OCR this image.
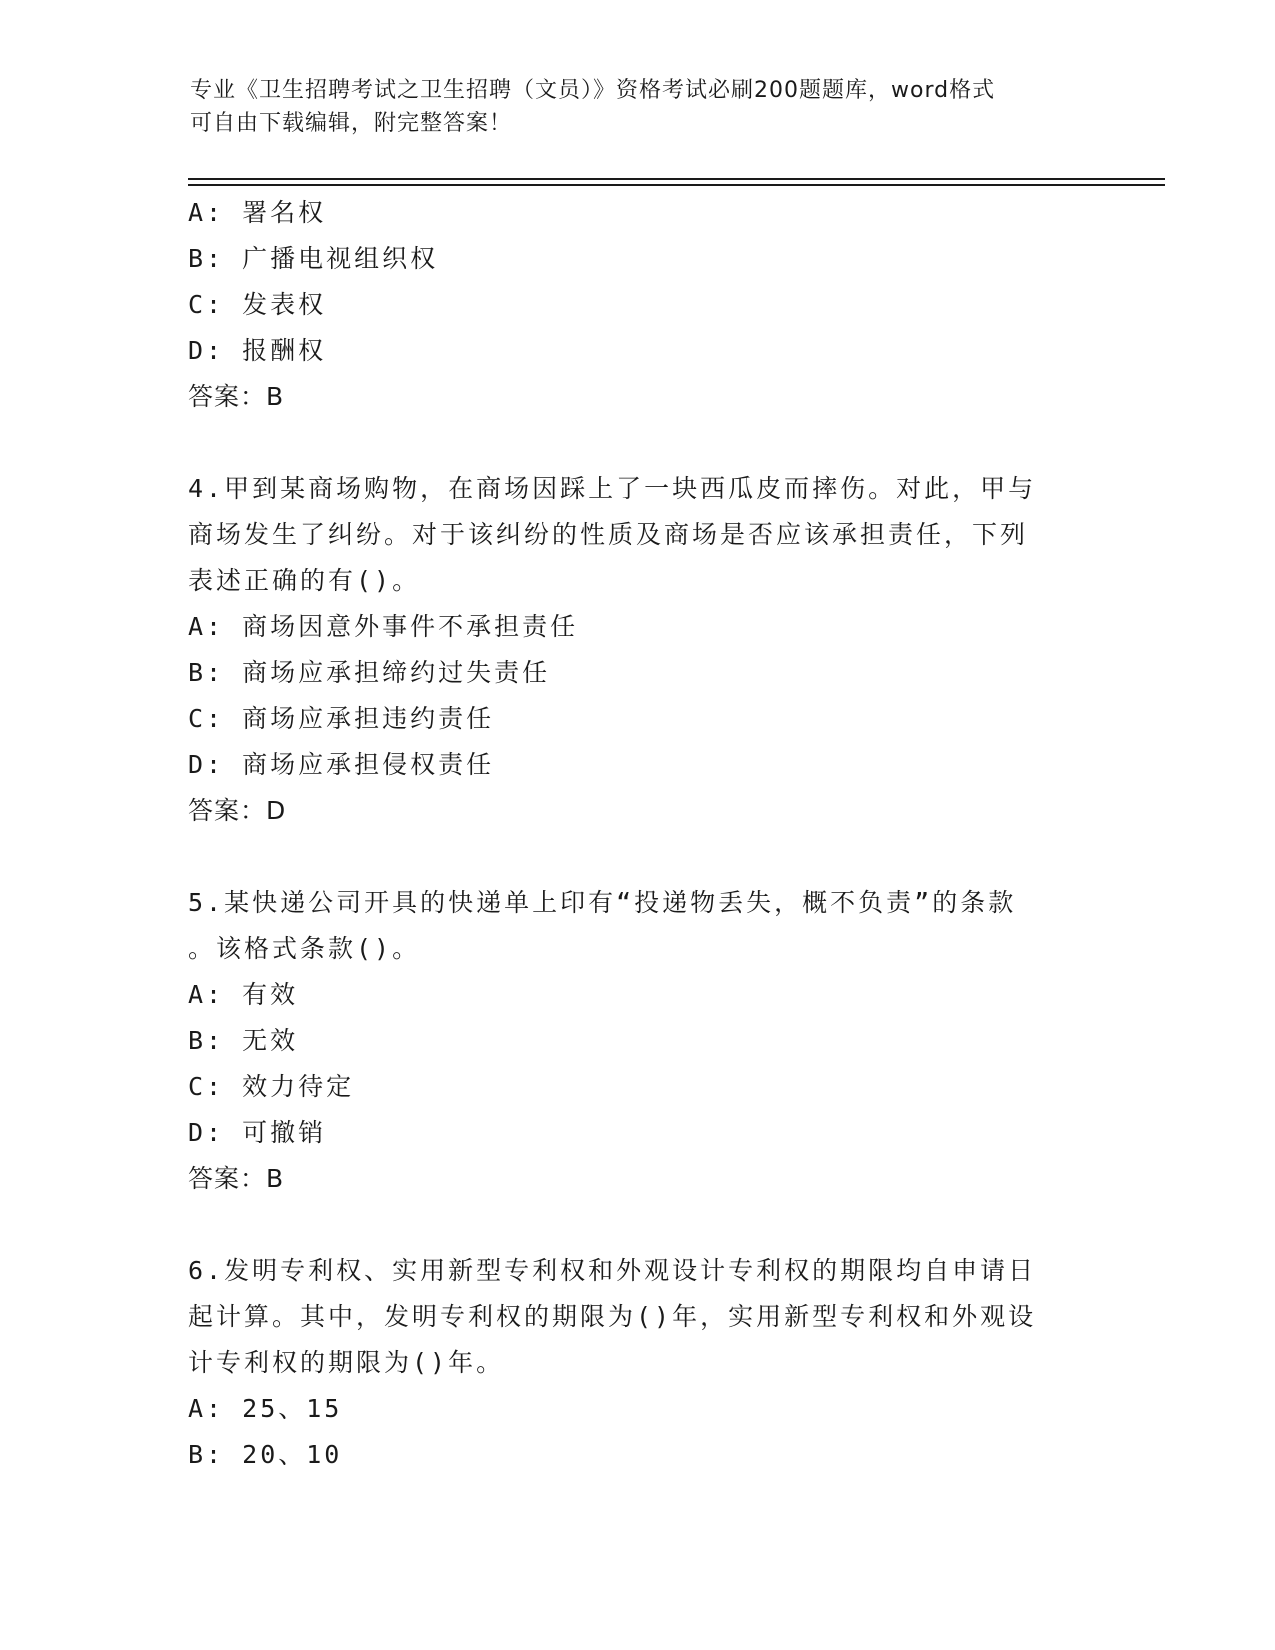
专业《卫生招聘考试之卫生招聘（文员）》资格考试必刷200题题库，word格式
可自由下载编辑，附完整答案！
A: 署名权
B: 广播电视组织权
C: 发表权
D: 报酬权
答案：B
4.甲到某商场购物，在商场因踩上了一块西瓜皮而摔伤。对此，甲与
商场发生了纠纷。对于该纠纷的性质及商场是否应该承担责任，下列
表述正确的有()。
A: 商场因意外事件不承担责任
B: 商场应承担缔约过失责任
C: 商场应承担违约责任
D: 商场应承担侵权责任
答案：D
5.某快递公司开具的快递单上印有“投递物丢失，概不负责”的条款
。该格式条款()。
A: 有效
B: 无效
C: 效力待定
D: 可撤销
答案：B
6.发明专利权、实用新型专利权和外观设计专利权的期限均自申请日
起计算。其中，发明专利权的期限为()年，实用新型专利权和外观设
计专利权的期限为()年。
A: 25、15
B: 20、10
